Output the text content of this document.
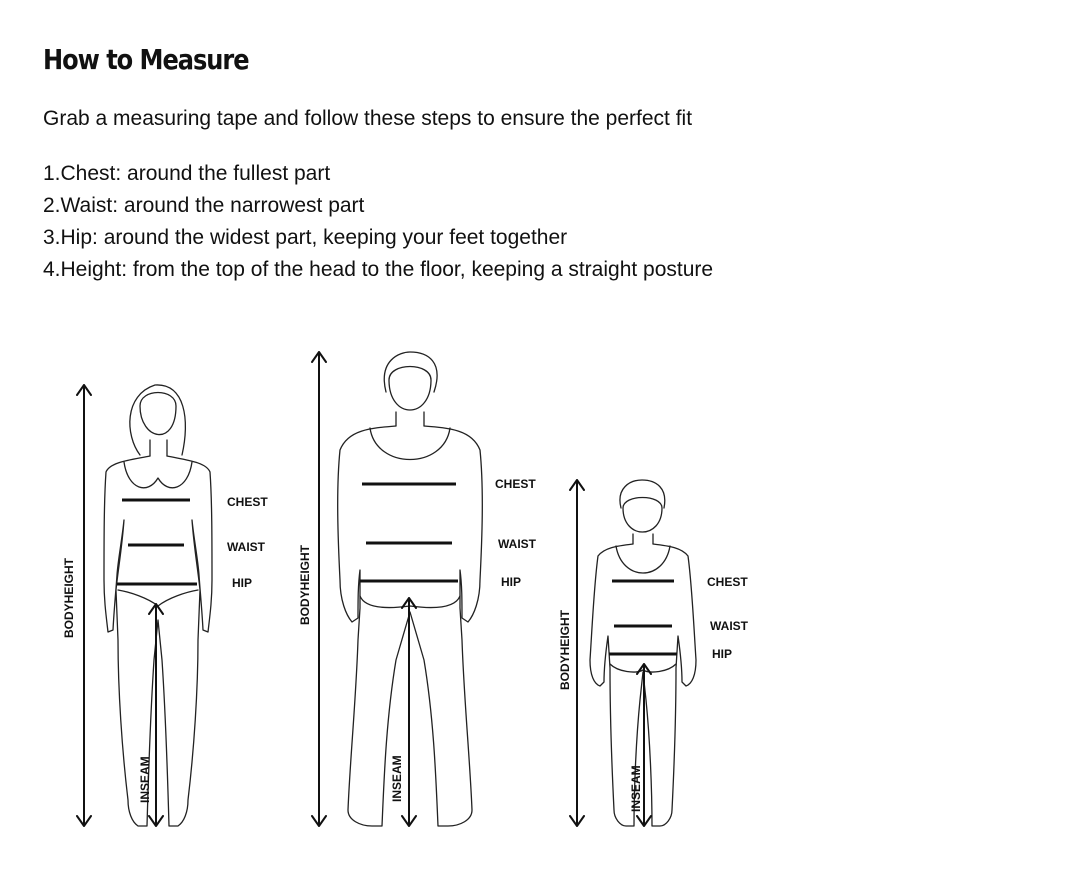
How to Measure

Grab a measuring tape and follow these steps to ensure the perfect fit

1.Chest: around the fullest part
2.Waist: around the narrowest part
3.Hip: around the widest part, keeping your feet together
4.Height: from the top of the head to the floor, keeping a straight posture
CHEST
WAIST
HIP
BODYHEIGHT
INSEAM
CHEST
WAIST
HIP
BODYHEIGHT
INSEAM
CHEST
WAIST
HIP
BODYHEIGHT
INSEAM
